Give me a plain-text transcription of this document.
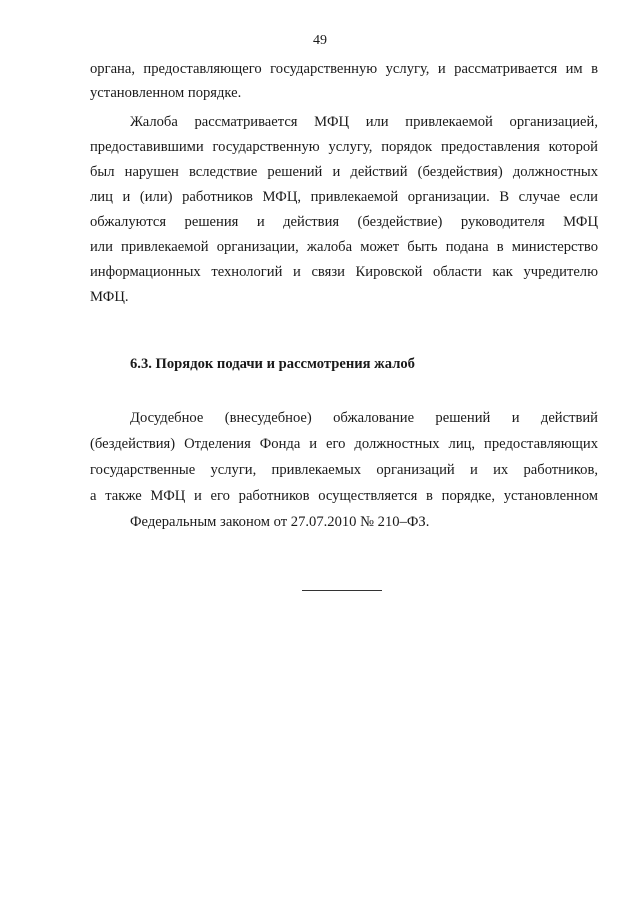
49
органа, предоставляющего государственную услугу, и рассматривается им в
установленном порядке.
Жалоба рассматривается МФЦ или привлекаемой организацией,
предоставившими государственную услугу, порядок предоставления которой
был нарушен вследствие решений и действий (бездействия) должностных
лиц и (или) работников МФЦ, привлекаемой организации. В случае если
обжалуются решения и действия (бездействие) руководителя МФЦ
или привлекаемой организации, жалоба может быть подана в министерство
информационных технологий и связи Кировской области как учредителю
МФЦ.
6.3. Порядок подачи и рассмотрения жалоб
Досудебное (внесудебное) обжалование решений и действий
(бездействия) Отделения Фонда и его должностных лиц, предоставляющих
государственные услуги, привлекаемых организаций и их работников,
а также МФЦ и его работников осуществляется в порядке, установленном
Федеральным законом от 27.07.2010 № 210–ФЗ.
